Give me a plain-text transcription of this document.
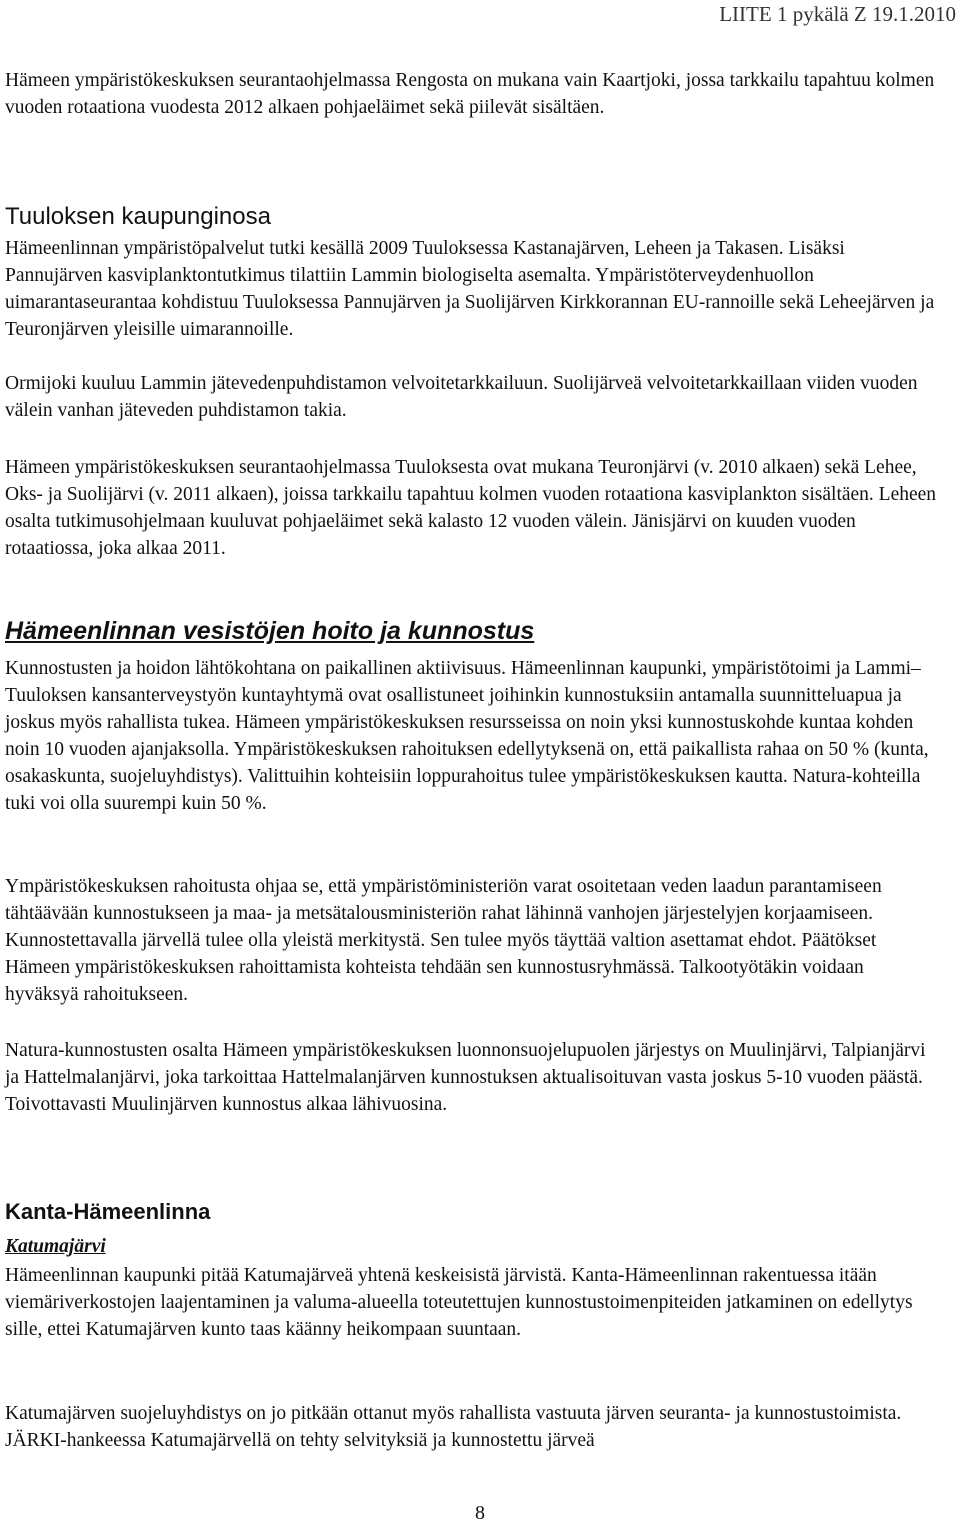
LIITE 1 pykälä Z 19.1.2010

Hämeen ympäristökeskuksen seurantaohjelmassa Rengosta on mukana vain Kaartjoki, jossa tarkkailu tapahtuu kolmen vuoden rotaationa vuodesta 2012 alkaen pohjaeläimet sekä piilevät sisältäen.

Tuuloksen kaupunginosa

Hämeenlinnan ympäristöpalvelut tutki kesällä 2009 Tuuloksessa Kastanajärven, Leheen ja Takasen. Lisäksi Pannujärven kasviplanktontutkimus tilattiin Lammin biologiselta asemalta. Ympäristöterveydenhuollon uimarantaseurantaa kohdistuu Tuuloksessa Pannujärven ja Suolijärven Kirkkorannan EU-rannoille sekä Leheejärven ja Teuronjärven yleisille uimarannoille.

Ormijoki kuuluu Lammin jätevedenpuhdistamon velvoitetarkkailuun. Suolijärveä velvoitetarkkaillaan viiden vuoden välein vanhan jäteveden puhdistamon takia.

Hämeen ympäristökeskuksen seurantaohjelmassa Tuuloksesta ovat mukana Teuronjärvi (v. 2010 alkaen) sekä Lehee, Oks- ja Suolijärvi (v. 2011 alkaen), joissa tarkkailu tapahtuu kolmen vuoden rotaationa kasviplankton sisältäen. Leheen osalta tutkimusohjelmaan kuuluvat pohjaeläimet sekä kalasto 12 vuoden välein. Jänisjärvi on kuuden vuoden rotaatiossa, joka alkaa 2011.

Hämeenlinnan vesistöjen hoito ja kunnostus

Kunnostusten ja hoidon lähtökohtana on paikallinen aktiivisuus. Hämeenlinnan kaupunki, ympäristötoimi ja Lammi–Tuuloksen kansanterveystyön kuntayhtymä ovat osallistuneet joihinkin kunnostuksiin antamalla suunnitteluapua ja joskus myös rahallista tukea. Hämeen ympäristökeskuksen resursseissa on noin yksi kunnostuskohde kuntaa kohden noin 10 vuoden ajanjaksolla. Ympäristökeskuksen rahoituksen edellytyksenä on, että paikallista rahaa on 50 % (kunta, osakaskunta, suojeluyhdistys). Valittuihin kohteisiin loppurahoitus tulee ympäristökeskuksen kautta. Natura-kohteilla tuki voi olla suurempi kuin 50 %.

Ympäristökeskuksen rahoitusta ohjaa se, että ympäristöministeriön varat osoitetaan veden laadun parantamiseen tähtäävään kunnostukseen ja maa- ja metsätalousministeriön rahat lähinnä vanhojen järjestelyjen korjaamiseen. Kunnostettavalla järvellä tulee olla yleistä merkitystä. Sen tulee myös täyttää valtion asettamat ehdot. Päätökset Hämeen ympäristökeskuksen rahoittamista kohteista tehdään sen kunnostusryhmässä. Talkootyötäkin voidaan hyväksyä rahoitukseen.

Natura-kunnostusten osalta Hämeen ympäristökeskuksen luonnonsuojelupuolen järjestys on Muulinjärvi, Talpianjärvi ja Hattelmalanjärvi, joka tarkoittaa Hattelmalanjärven kunnostuksen aktualisoituvan vasta joskus 5-10 vuoden päästä. Toivottavasti Muulinjärven kunnostus alkaa lähivuosina.

Kanta-Hämeenlinna
Katumajärvi

Hämeenlinnan kaupunki pitää Katumajärveä yhtenä keskeisistä järvistä. Kanta-Hämeenlinnan rakentuessa itään viemäriverkostojen laajentaminen ja valuma-alueella toteutettujen kunnostustoimenpiteiden jatkaminen on edellytys sille, ettei Katumajärven kunto taas käänny heikompaan suuntaan.

Katumajärven suojeluyhdistys on jo pitkään ottanut myös rahallista vastuuta järven seuranta- ja kunnostustoimista. JÄRKI-hankeessa Katumajärvellä on tehty selvityksiä ja kunnostettu järveä

8
